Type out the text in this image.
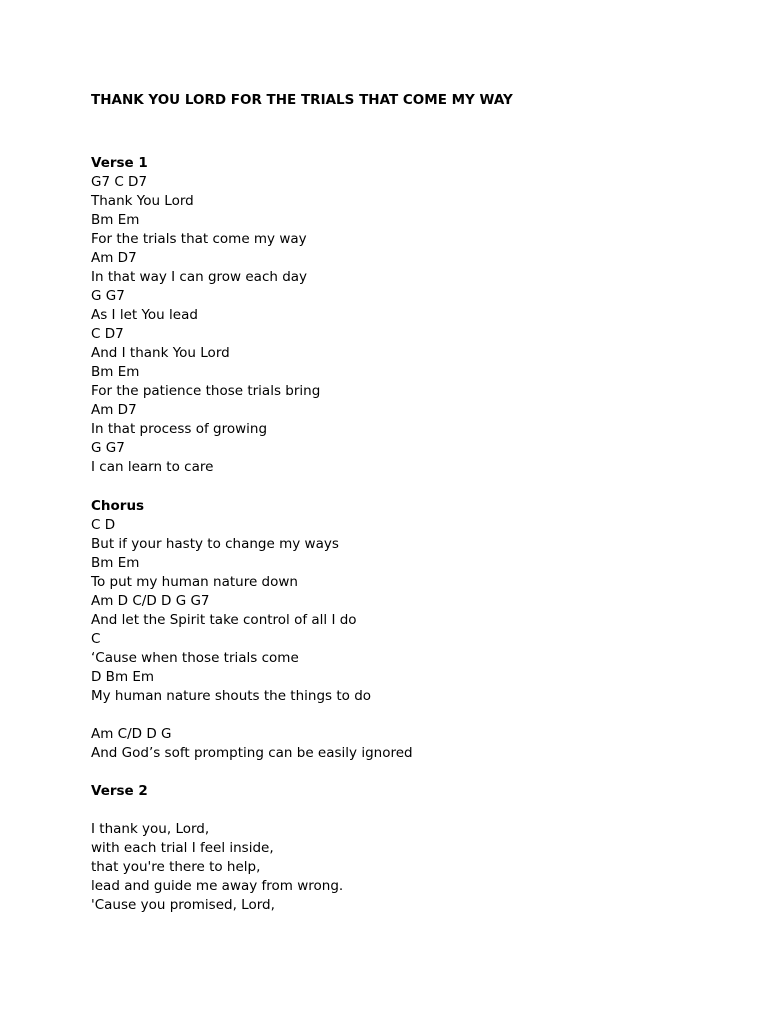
THANK YOU LORD FOR THE TRIALS THAT COME MY WAY
Verse 1
G7 C D7
Thank You Lord
Bm Em
For the trials that come my way
Am D7
In that way I can grow each day
G G7
As I let You lead
C D7
And I thank You Lord
Bm Em
For the patience those trials bring
Am D7
In that process of growing
G G7
I can learn to care
Chorus
C D
But if your hasty to change my ways
Bm Em
To put my human nature down
Am D C/D D G G7
And let the Spirit take control of all I do
C
‘Cause when those trials come
D Bm Em
My human nature shouts the things to do
Am C/D D G
And God’s soft prompting can be easily ignored
Verse 2
I thank you, Lord,
with each trial I feel inside,
that you're there to help,
lead and guide me away from wrong.
'Cause you promised, Lord,
